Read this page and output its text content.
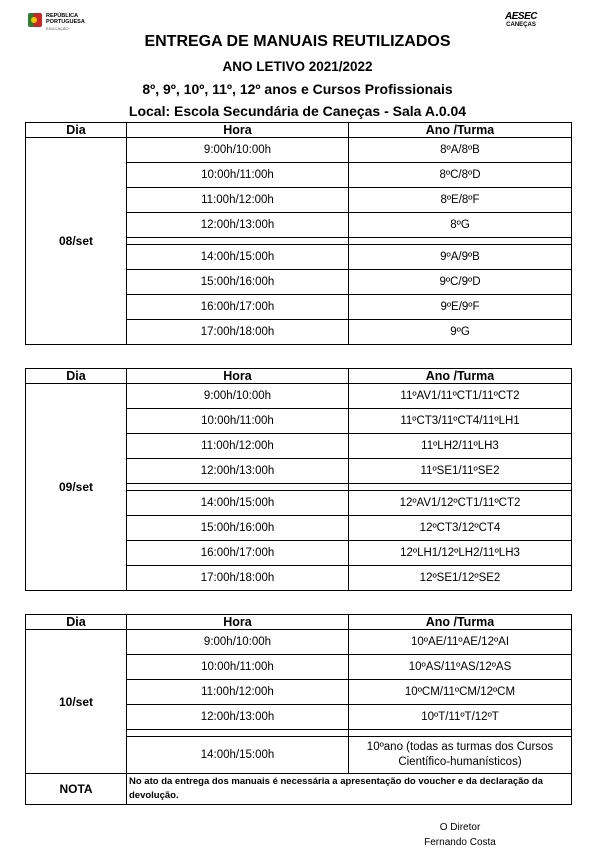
REPÚBLICA
PORTUGUESA
EDUCAÇÃO
AESEC
CANEÇAS
ENTREGA DE MANUAIS REUTILIZADOS
ANO LETIVO 2021/2022
8º, 9º, 10º, 11º, 12º anos e Cursos Profissionais
Local: Escola Secundária de Caneças - Sala A.0.04
Dia	Hora	Ano /Turma
08/set	9:00h/10:00h	8ºA/8ºB
	10:00h/11:00h	8ºC/8ºD
	11:00h/12:00h	8ºE/8ºF
	12:00h/13:00h	8ºG

	14:00h/15:00h	9ºA/9ºB
	15:00h/16:00h	9ºC/9ºD
	16:00h/17:00h	9ºE/9ºF
	17:00h/18:00h	9ºG
Dia	Hora	Ano /Turma
09/set	9:00h/10:00h	11ºAV1/11ºCT1/11ºCT2
	10:00h/11:00h	11ºCT3/11ºCT4/11ºLH1
	11:00h/12:00h	11ºLH2/11ºLH3
	12:00h/13:00h	11ºSE1/11ºSE2

	14:00h/15:00h	12ºAV1/12ºCT1/11ºCT2
	15:00h/16:00h	12ºCT3/12ºCT4
	16:00h/17:00h	12ºLH1/12ºLH2/11ºLH3
	17:00h/18:00h	12ºSE1/12ºSE2
Dia	Hora	Ano /Turma
10/set	9:00h/10:00h	10ºAE/11ºAE/12ºAI
	10:00h/11:00h	10ºAS/11ºAS/12ºAS
	11:00h/12:00h	10ºCM/11ºCM/12ºCM
	12:00h/13:00h	10ºT/11ºT/12ºT

	14:00h/15:00h	10ºano (todas as turmas dos Cursos Científico-humanísticos)
NOTA	No ato da entrega dos manuais é necessária a apresentação do voucher e da declaração da devolução.	
O Diretor
Fernando Costa
